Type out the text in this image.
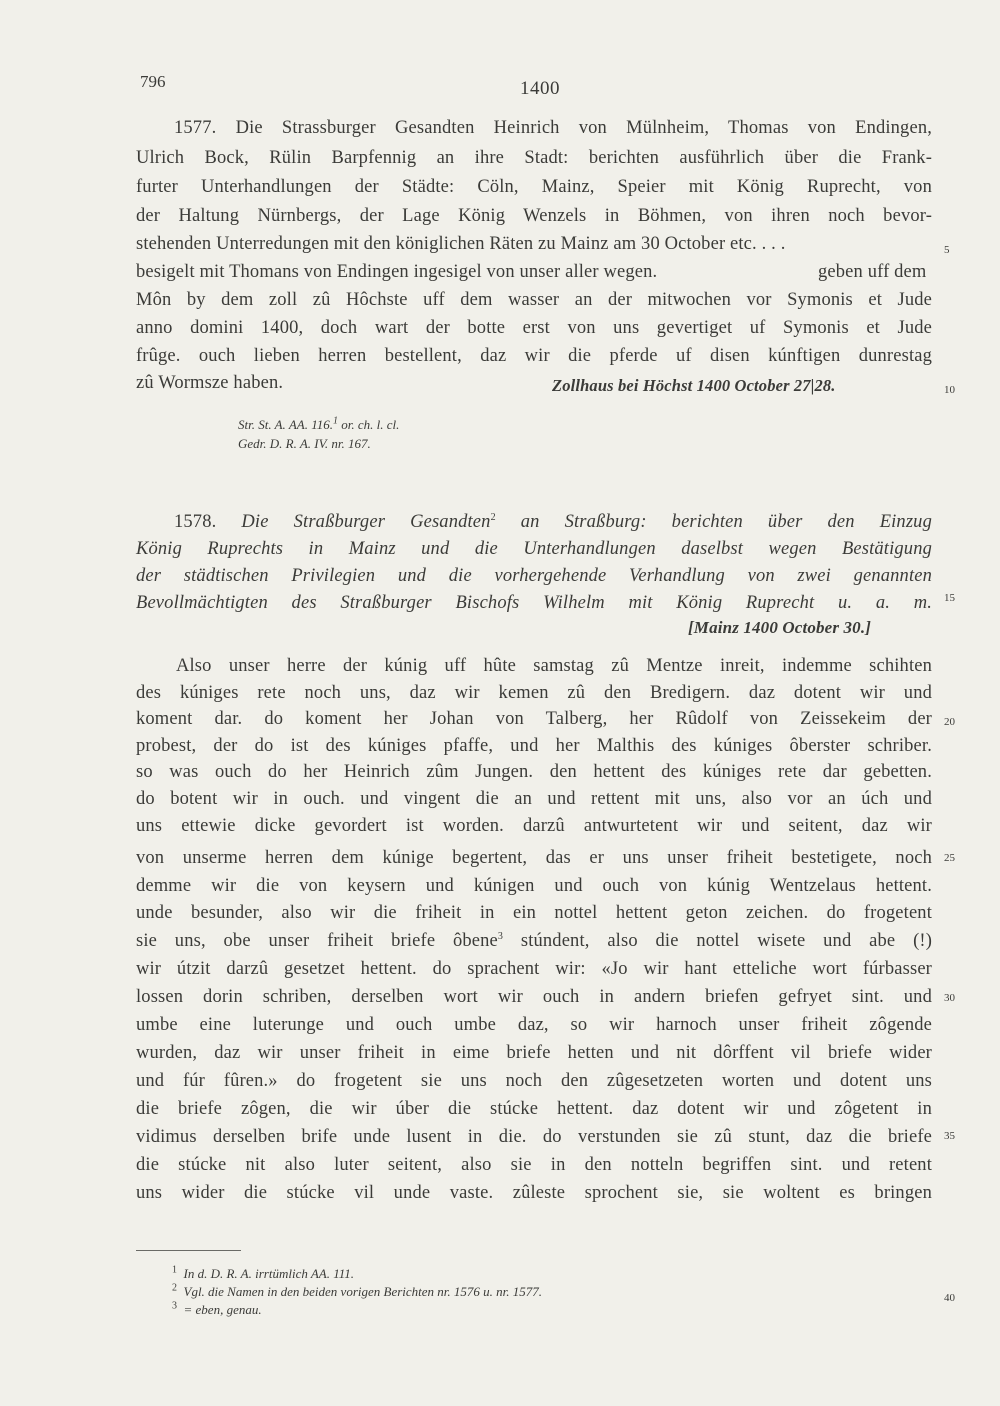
796	1400
1577. Die Strassburger Gesandten Heinrich von Mülnheim, Thomas von Endingen,
Ulrich Bock, Rülin Barpfennig an ihre Stadt: berichten ausführlich über die Frank-
furter Unterhandlungen der Städte: Cöln, Mainz, Speier mit König Ruprecht, von
der Haltung Nürnbergs, der Lage König Wenzels in Böhmen, von ihren noch bevor-
stehenden Unterredungen mit den königlichen Räten zu Mainz am 30 October etc. . . .
besigelt mit Thomans von Endingen ingesigel von unser aller wegen.	geben uff dem
Môn by dem zoll zû Hôchste uff dem wasser an der mitwochen vor Symonis et Jude
anno domini 1400, doch wart der botte erst von uns gevertiget uf Symonis et Jude
frûge. ouch lieben herren bestellent, daz wir die pferde uf disen kúnftigen dunrestag
zû Wormsze haben.	Zollhaus bei Höchst 1400 October 27|28.
Str. St. A. AA. 116.$^1$ or. ch. l. cl.
Gedr. D. R. A. IV. nr. 167.
1578. Die Straßburger Gesandten$^2$ an Straßburg: berichten über den Einzug
König Ruprechts in Mainz und die Unterhandlungen daselbst wegen Bestätigung
der städtischen Privilegien und die vorhergehende Verhandlung von zwei genannten
Bevollmächtigten des Straßburger Bischofs Wilhelm mit König Ruprecht u. a. m.
[Mainz 1400 October 30.]
Also unser herre der kúnig uff hûte samstag zû Mentze inreit, indemme schihten
des kúniges rete noch uns, daz wir kemen zû den Bredigern. daz dotent wir und
koment dar. do koment her Johan von Talberg, her Rûdolf von Zeissekeim der
probest, der do ist des kúniges pfaffe, und her Malthis des kúniges ôberster schriber.
so was ouch do her Heinrich zûm Jungen. den hettent des kúniges rete dar gebetten.
do botent wir in ouch. und vingent die an und rettent mit uns, also vor an úch und
uns ettewie dicke gevordert ist worden. darzû antwurtetent wir und seitent, daz wir
von unserme herren dem kúnige begertent, das er uns unser friheit bestetigete, noch
demme wir die von keysern und kúnigen und ouch von kúnig Wentzelaus hettent.
unde besunder, also wir die friheit in ein nottel hettent geton zeichen. do frogetent
sie uns, obe unser friheit briefe ôbene$^3$ stúndent, also die nottel wisete und abe (!)
wir útzit darzû gesetzet hettent. do sprachent wir: «Jo wir hant etteliche wort fúrbasser
lossen dorin schriben, derselben wort wir ouch in andern briefen gefryet sint. und
umbe eine luterunge und ouch umbe daz, so wir harnoch unser friheit zôgende
wurden, daz wir unser friheit in eime briefe hetten und nit dôrffent vil briefe wider
und fúr fûren.» do frogetent sie uns noch den zûgesetzeten worten und dotent uns
die briefe zôgen, die wir úber die stúcke hettent. daz dotent wir und zôgetent in
vidimus derselben brife unde lusent in die. do verstunden sie zû stunt, daz die briefe
die stúcke nit also luter seitent, also sie in den notteln begriffen sint. und retent
uns wider die stúcke vil unde vaste. zûleste sprochent sie, sie woltent es bringen
5
10
15
20
25
30
35
40
$^1$ In d. D. R. A. irrtümlich AA. 111.
$^2$ Vgl. die Namen in den beiden vorigen Berichten nr. 1576 u. nr. 1577.
$^3$ = eben, genau.
